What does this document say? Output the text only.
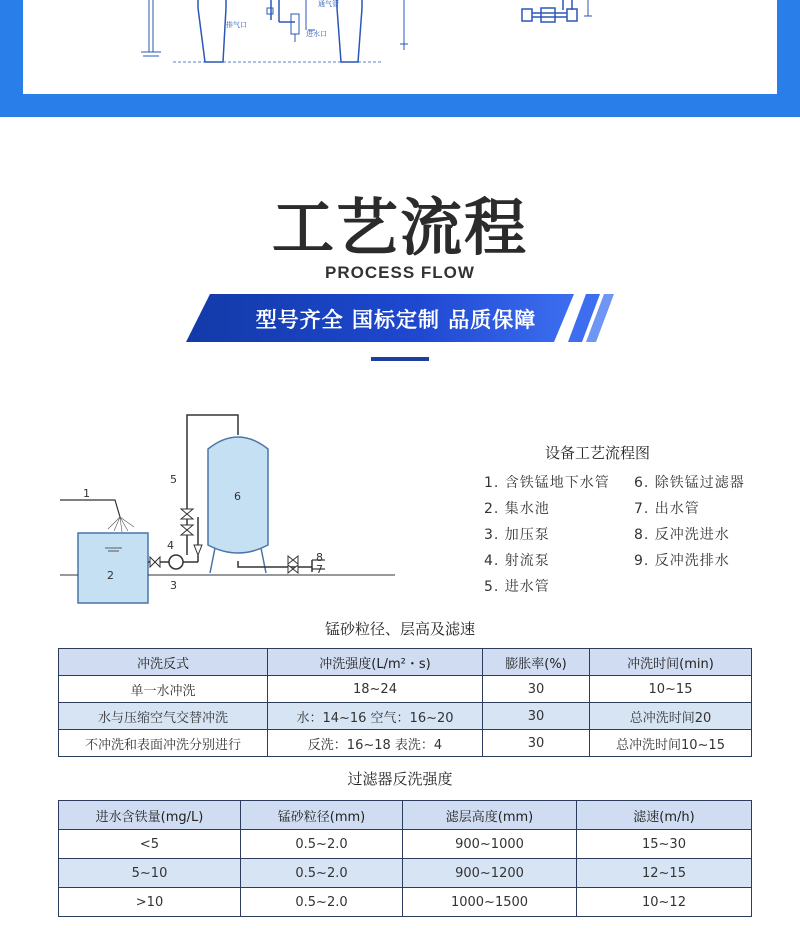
排气口
通气管
进水口
工艺流程
PROCESS FLOW
型号齐全 国标定制 品质保障
1
2
3
4
5
6
7
8
设备工艺流程图
1. 含铁锰地下水管
2. 集水池
3. 加压泵
4. 射流泵
5. 进水管
6. 除铁锰过滤器
7. 出水管
8. 反冲洗进水
9. 反冲洗排水
锰砂粒径、层高及滤速
冲洗反式	冲洗强度(L/m²・s)	膨胀率(%)	冲洗时间(min)
单一水冲洗	18~24	30	10~15
水与压缩空气交替冲洗	水：14~16 空气：16~20	30	总冲洗时间20
不冲洗和表面冲洗分别进行	反洗：16~18 表洗：4	30	总冲洗时间10~15
过滤器反洗强度
进水含铁量(mg/L)	锰砂粒径(mm)	滤层高度(mm)	滤速(m/h)
<5	0.5~2.0	900~1000	15~30
5~10	0.5~2.0	900~1200	12~15
>10	0.5~2.0	1000~1500	10~12
